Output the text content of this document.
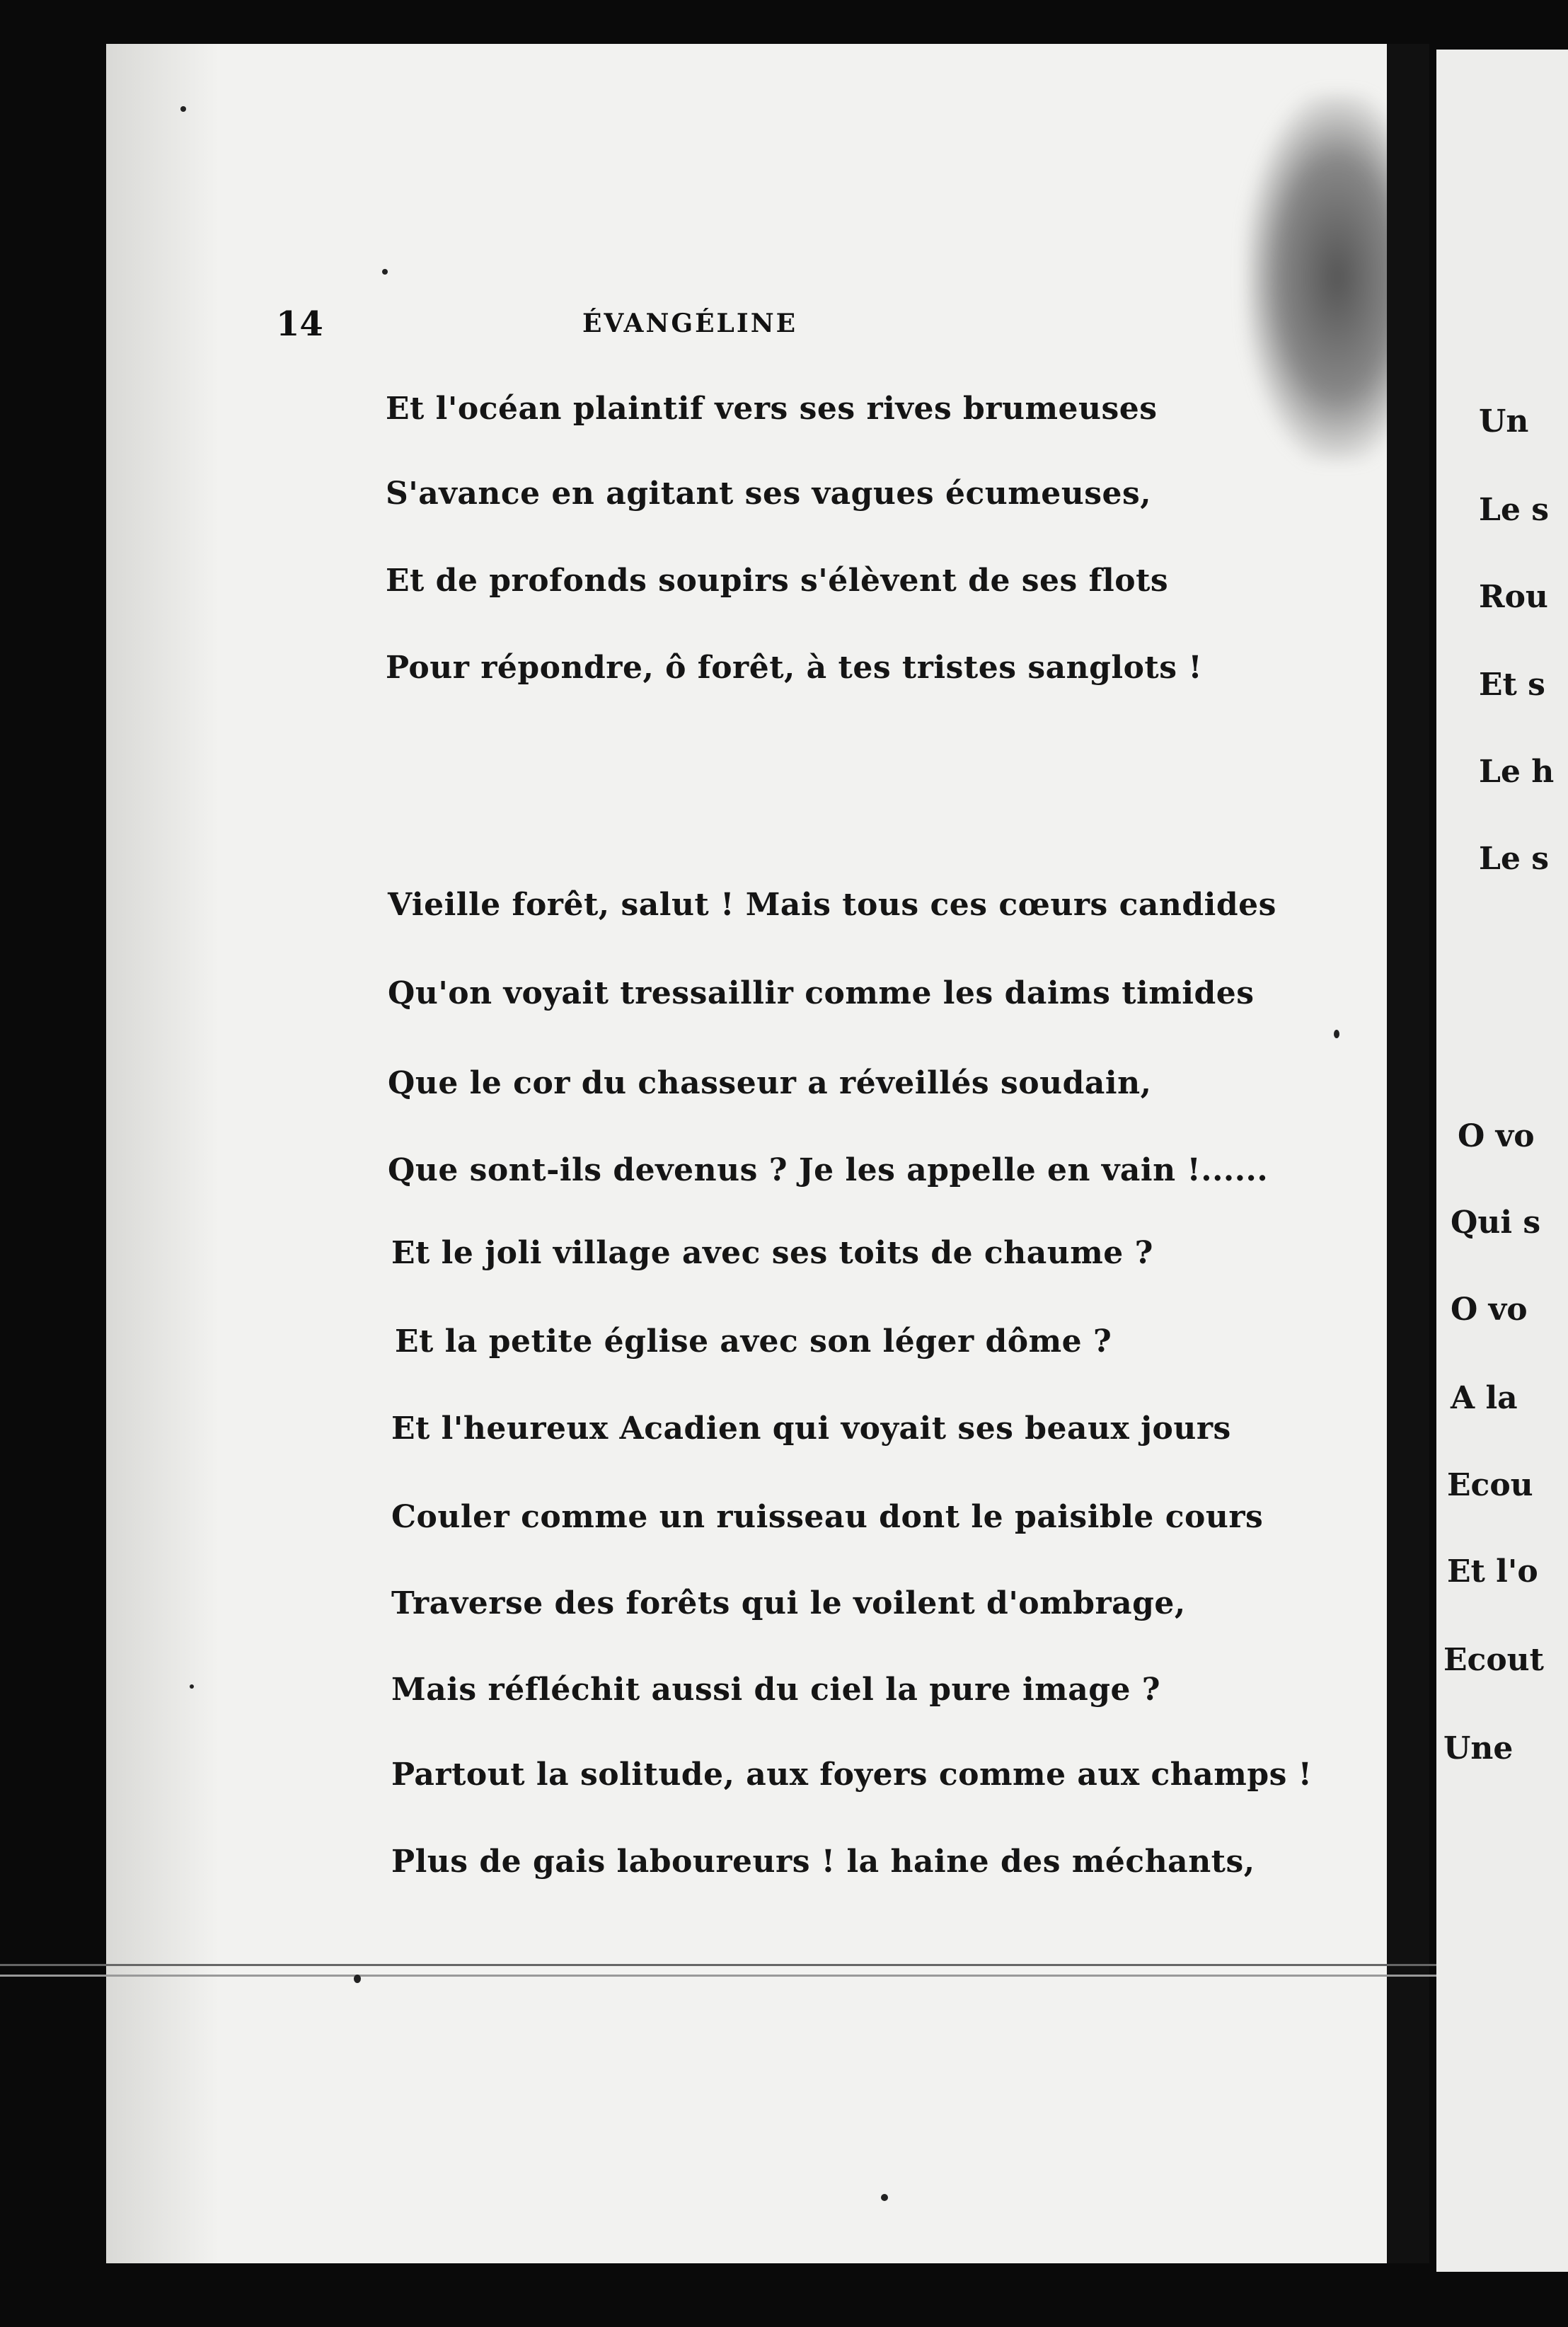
14	ÉVANGÉLINE
Et l'océan plaintif vers ses rives brumeuses
S'avance en agitant ses vagues écumeuses,
Et de profonds soupirs s'élèvent de ses flots
Pour répondre, ô forêt, à tes tristes sanglots !
Vieille forêt, salut ! Mais tous ces cœurs candides
Qu'on voyait tressaillir comme les daims timides
Que le cor du chasseur a réveillés soudain,
Que sont-ils devenus ? Je les appelle en vain !......
Et le joli village avec ses toits de chaume ?
Et la petite église avec son léger dôme ?
Et l'heureux Acadien qui voyait ses beaux jours
Couler comme un ruisseau dont le paisible cours
Traverse des forêts qui le voilent d'ombrage,
Mais réfléchit aussi du ciel la pure image ?
Partout la solitude, aux foyers comme aux champs !
Plus de gais laboureurs ! la haine des méchants,
Un
Le s
Rou
Et s
Le h
Le s
O vo
Qui s
O vo
A la
Ecou
Et l'o
Ecout
Une
